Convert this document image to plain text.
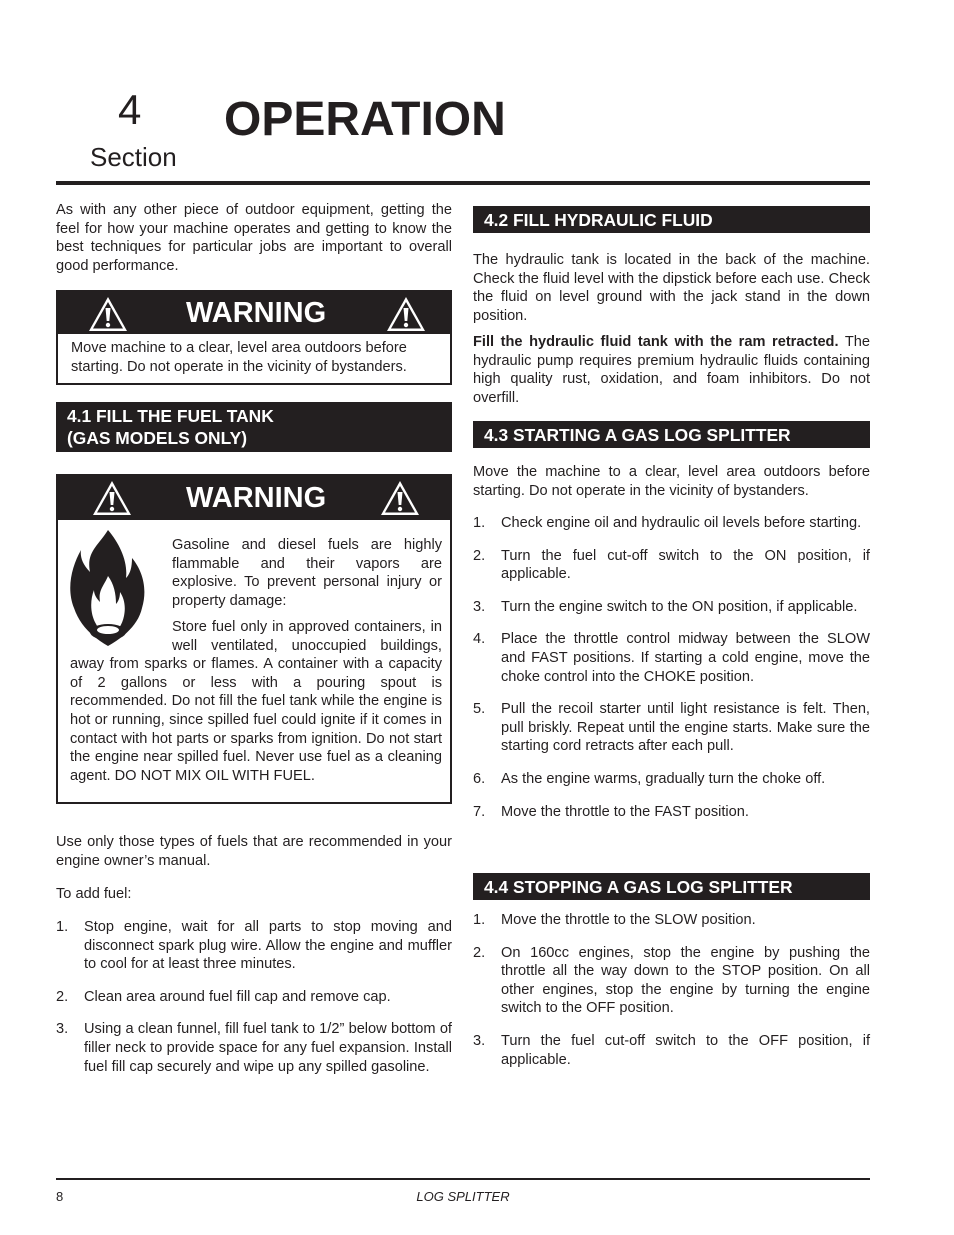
4
Section
OPERATION

As with any other piece of outdoor equipment, getting the feel for how your machine operates and getting to know the best techniques for particular jobs are important to overall good performance.

WARNING

Move machine to a clear, level area outdoors before starting. Do not operate in the vicinity of bystanders.

4.1 FILL THE FUEL TANK
(GAS MODELS ONLY)
WARNING

Gasoline and diesel fuels are highly flammable and their vapors are explosive. To prevent personal injury or property damage:

Store fuel only in approved containers, in well ventilated, unoccupied buildings, away from sparks or flames. A container with a capacity of 2 gallons or less with a pouring spout is recommended. Do not fill the fuel tank while the engine is hot or running, since spilled fuel could ignite if it comes in contact with hot parts or sparks from ignition. Do not start the engine near spilled fuel. Never use fuel as a cleaning agent. DO NOT MIX OIL WITH FUEL.

Use only those types of fuels that are recommended in your engine owner’s manual.

To add fuel:

1. Stop engine, wait for all parts to stop moving and disconnect spark plug wire. Allow the engine and muffler to cool for at least three minutes.
2. Clean area around fuel fill cap and remove cap.
3. Using a clean funnel, fill fuel tank to 1/2” below bottom of filler neck to provide space for any fuel expansion. Install fuel fill cap securely and wipe up any spilled gasoline.
4.2 FILL HYDRAULIC FLUID

The hydraulic tank is located in the back of the machine. Check the fluid level with the dipstick before each use. Check the fluid on level ground with the jack stand in the down position.

Fill the hydraulic fluid tank with the ram retracted. The hydraulic pump requires premium hydraulic fluids containing high quality rust, oxidation, and foam inhibitors. Do not overfill.

4.3 STARTING A GAS LOG SPLITTER

Move the machine to a clear, level area outdoors before starting. Do not operate in the vicinity of bystanders.

1. Check engine oil and hydraulic oil levels before starting.
2. Turn the fuel cut-off switch to the ON position, if applicable.
3. Turn the engine switch to the ON position, if applicable.
4. Place the throttle control midway between the SLOW and FAST positions. If starting a cold engine, move the choke control into the CHOKE position.
5. Pull the recoil starter until light resistance is felt. Then, pull briskly. Repeat until the engine starts. Make sure the starting cord retracts after each pull.
6. As the engine warms, gradually turn the choke off.
7. Move the throttle to the FAST position.
4.4 STOPPING A GAS LOG SPLITTER
1. Move the throttle to the SLOW position.
2. On 160cc engines, stop the engine by pushing the throttle all the way down to the STOP position. On all other engines, stop the engine by turning the engine switch to the OFF position.
3. Turn the fuel cut-off switch to the OFF position, if applicable.
8	LOG SPLITTER
